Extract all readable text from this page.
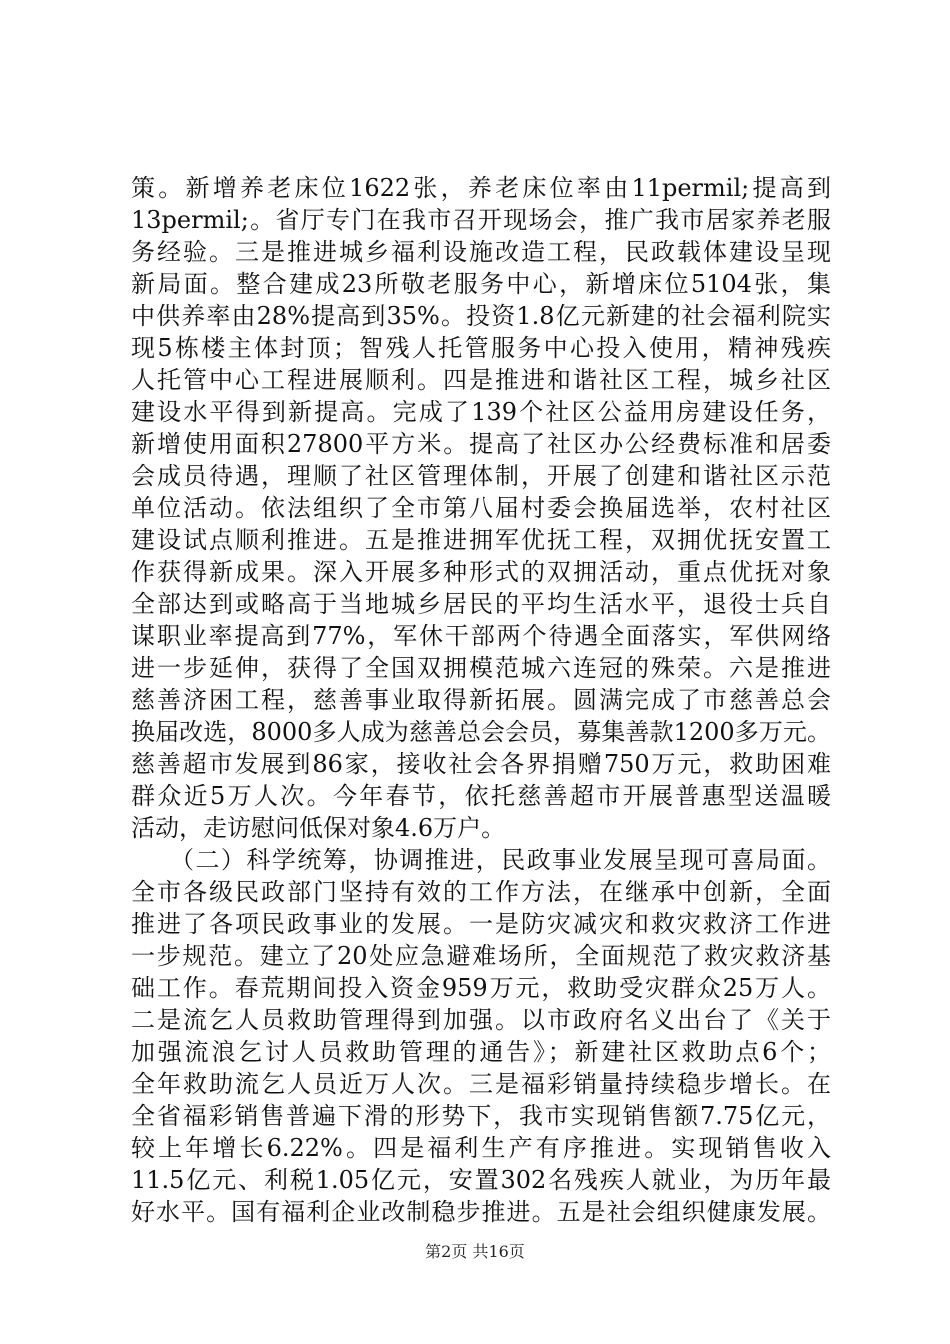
策。新增养老床位1622张，养老床位率由11permil;提高到
13permil;。省厅专门在我市召开现场会，推广我市居家养老服
务经验。三是推进城乡福利设施改造工程，民政载体建设呈现
新局面。整合建成23所敬老服务中心，新增床位5104张，集
中供养率由28%提高到35%。投资1.8亿元新建的社会福利院实
现5栋楼主体封顶；智残人托管服务中心投入使用，精神残疾
人托管中心工程进展顺利。四是推进和谐社区工程，城乡社区
建设水平得到新提高。完成了139个社区公益用房建设任务，
新增使用面积27800平方米。提高了社区办公经费标准和居委
会成员待遇，理顺了社区管理体制，开展了创建和谐社区示范
单位活动。依法组织了全市第八届村委会换届选举，农村社区
建设试点顺利推进。五是推进拥军优抚工程，双拥优抚安置工
作获得新成果。深入开展多种形式的双拥活动，重点优抚对象
全部达到或略高于当地城乡居民的平均生活水平，退役士兵自
谋职业率提高到77%，军休干部两个待遇全面落实，军供网络
进一步延伸，获得了全国双拥模范城六连冠的殊荣。六是推进
慈善济困工程，慈善事业取得新拓展。圆满完成了市慈善总会
换届改选，8000多人成为慈善总会会员，募集善款1200多万元。
慈善超市发展到86家，接收社会各界捐赠750万元，救助困难
群众近5万人次。今年春节，依托慈善超市开展普惠型送温暖
活动，走访慰问低保对象4.6万户。
　　（二）科学统筹，协调推进，民政事业发展呈现可喜局面。
全市各级民政部门坚持有效的工作方法，在继承中创新，全面
推进了各项民政事业的发展。一是防灾减灾和救灾救济工作进
一步规范。建立了20处应急避难场所，全面规范了救灾救济基
础工作。春荒期间投入资金959万元，救助受灾群众25万人。
二是流乞人员救助管理得到加强。以市政府名义出台了《关于
加强流浪乞讨人员救助管理的通告》；新建社区救助点6个；
全年救助流乞人员近万人次。三是福彩销量持续稳步增长。在
全省福彩销售普遍下滑的形势下，我市实现销售额7.75亿元，
较上年增长6.22%。四是福利生产有序推进。实现销售收入
11.5亿元、利税1.05亿元，安置302名残疾人就业，为历年最
好水平。国有福利企业改制稳步推进。五是社会组织健康发展。
第2页 共16页
